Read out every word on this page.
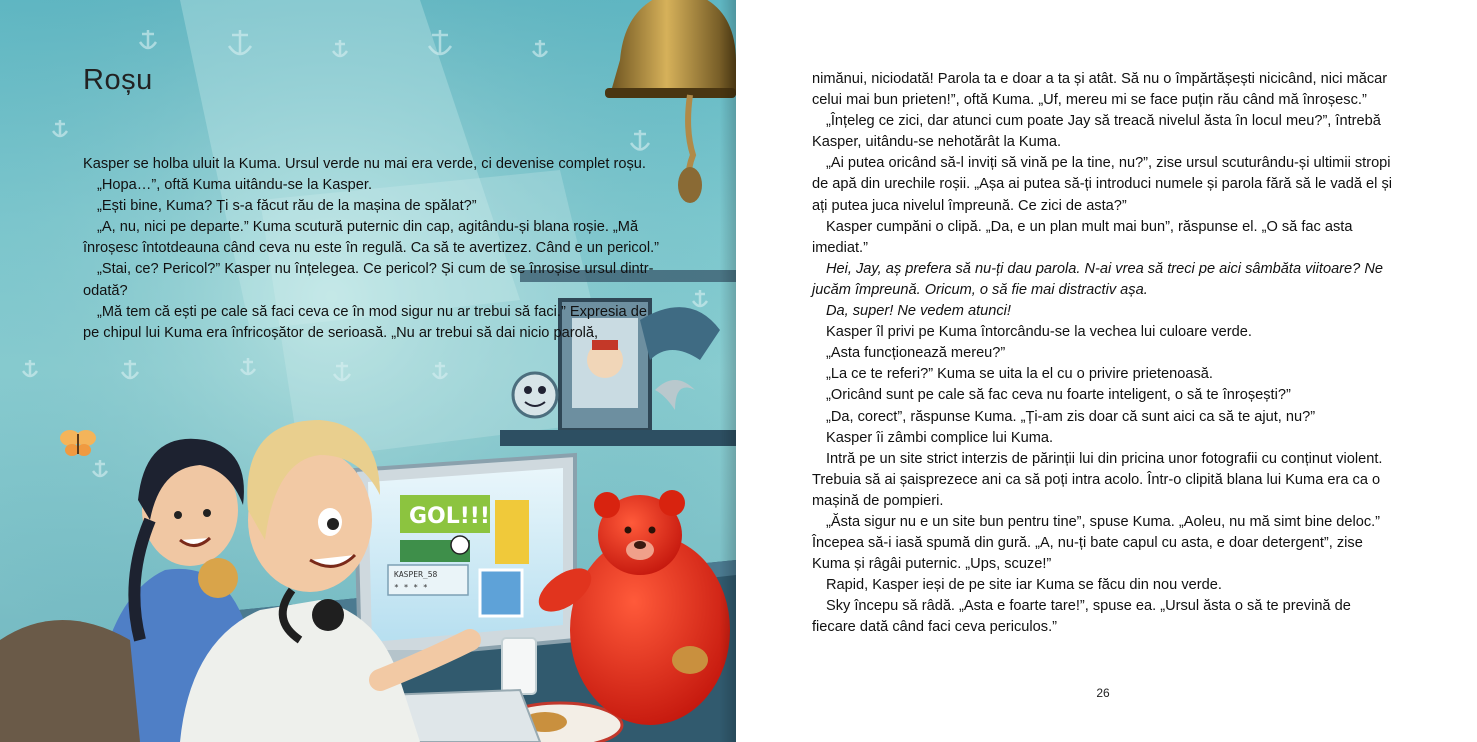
GOL!!!
KASPER_58
* * * *
Roșu

Kasper se holba uluit la Kuma. Ursul verde nu mai era verde, ci devenise complet roșu.

„Hopa…”, oftă Kuma uitându-se la Kasper.

„Ești bine, Kuma? Ți s-a făcut rău de la mașina de spălat?”

„A, nu, nici pe departe.” Kuma scutură puternic din cap, agitându-și blana roșie. „Mă înroșesc întotdeauna când ceva nu este în regulă. Ca să te avertizez. Când e un pericol.”

„Stai, ce? Pericol?” Kasper nu înțelegea. Ce pericol? Și cum de se înroșise ursul dintr-odată?

„Mă tem că ești pe cale să faci ceva ce în mod sigur nu ar trebui să faci.” Expresia de pe chipul lui Kuma era înfricoșător de serioasă. „Nu ar trebui să dai nicio parolă,

nimănui, niciodată! Parola ta e doar a ta și atât. Să nu o împărtășești nicicând, nici măcar celui mai bun prieten!”, oftă Kuma. „Uf, mereu mi se face puțin rău când mă înroșesc.”

„Înțeleg ce zici, dar atunci cum poate Jay să treacă nivelul ăsta în locul meu?”, întrebă Kasper, uitându-se nehotărât la Kuma.

„Ai putea oricând să-l inviți să vină pe la tine, nu?”, zise ursul scuturându-și ultimii stropi de apă din urechile roșii. „Așa ai putea să-ți introduci numele și parola fără să le vadă el și ați putea juca nivelul împreună. Ce zici de asta?”

Kasper cumpăni o clipă. „Da, e un plan mult mai bun”, răspunse el. „O să fac asta imediat.”

Hei, Jay, aș prefera să nu-ți dau parola. N-ai vrea să treci pe aici sâmbăta viitoare? Ne jucăm împreună. Oricum, o să fie mai distractiv așa.

Da, super! Ne vedem atunci!

Kasper îl privi pe Kuma întorcându-se la vechea lui culoare verde.

„Asta funcționează mereu?”

„La ce te referi?” Kuma se uita la el cu o privire prietenoasă.

„Oricând sunt pe cale să fac ceva nu foarte inteligent, o să te înroșești?”

„Da, corect”, răspunse Kuma. „Ți-am zis doar că sunt aici ca să te ajut, nu?”

Kasper îi zâmbi complice lui Kuma.

Intră pe un site strict interzis de părinții lui din pricina unor fotografii cu conținut violent. Trebuia să ai șaisprezece ani ca să poți intra acolo. Într-o clipită blana lui Kuma era ca o mașină de pompieri.

„Ăsta sigur nu e un site bun pentru tine”, spuse Kuma. „Aoleu, nu mă simt bine deloc.” Începea să-i iasă spumă din gură. „A, nu-ți bate capul cu asta, e doar detergent”, zise Kuma și râgâi puternic. „Ups, scuze!”

Rapid, Kasper ieși de pe site iar Kuma se făcu din nou verde.

Sky începu să râdă. „Asta e foarte tare!”, spuse ea. „Ursul ăsta o să te prevină de fiecare dată când faci ceva periculos.”

26
